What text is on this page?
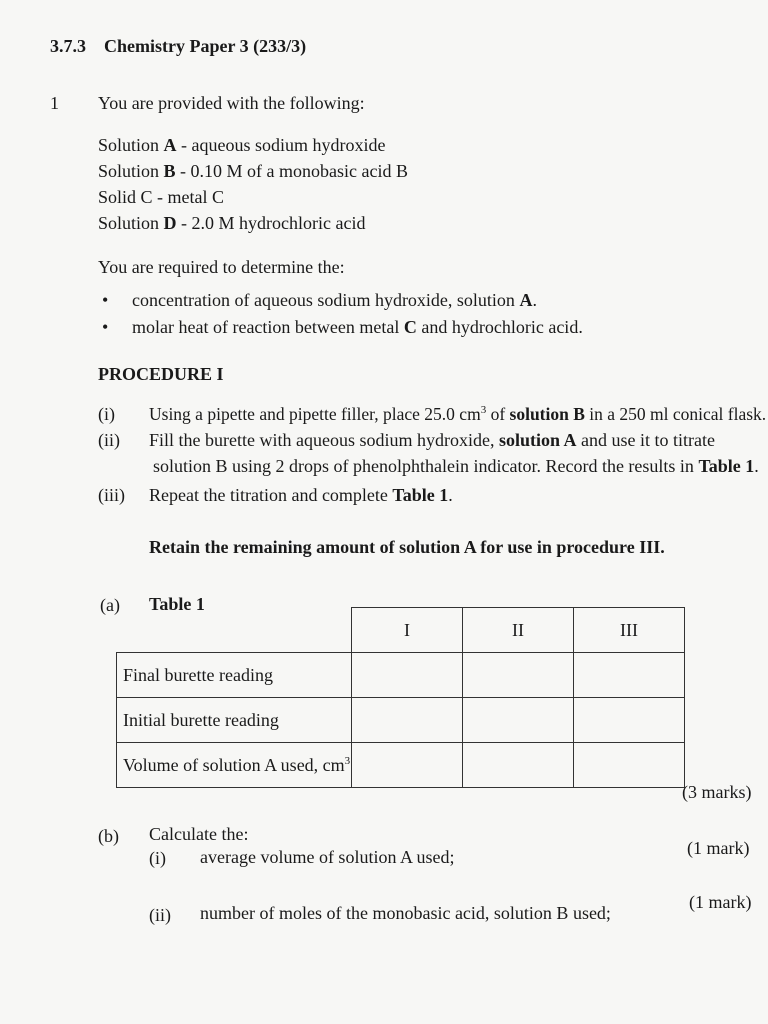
3.7.3 Chemistry Paper 3 (233/3)
1 You are provided with the following:
Solution A - aqueous sodium hydroxide
Solution B - 0.10 M of a monobasic acid B
Solid C - metal C
Solution D - 2.0 M hydrochloric acid
You are required to determine the:
• concentration of aqueous sodium hydroxide, solution A.
• molar heat of reaction between metal C and hydrochloric acid.
PROCEDURE I
(i) Using a pipette and pipette filler, place 25.0 $cm^3$ of solution B in a 250 ml conical flask.
(ii) Fill the burette with aqueous sodium hydroxide, solution A and use it to titrate
solution B using 2 drops of phenolphthalein indicator. Record the results in Table 1.
(iii) Repeat the titration and complete Table 1.
Retain the remaining amount of solution A for use in procedure III.
(a) Table 1
	I	II	III
Final burette reading			
Initial burette reading			
Volume of solution A used, $cm^3$			
(3 marks)
(b) Calculate the:
(i) average volume of solution A used;	(1 mark)
(ii) number of moles of the monobasic acid, solution B used;
(1 mark)
